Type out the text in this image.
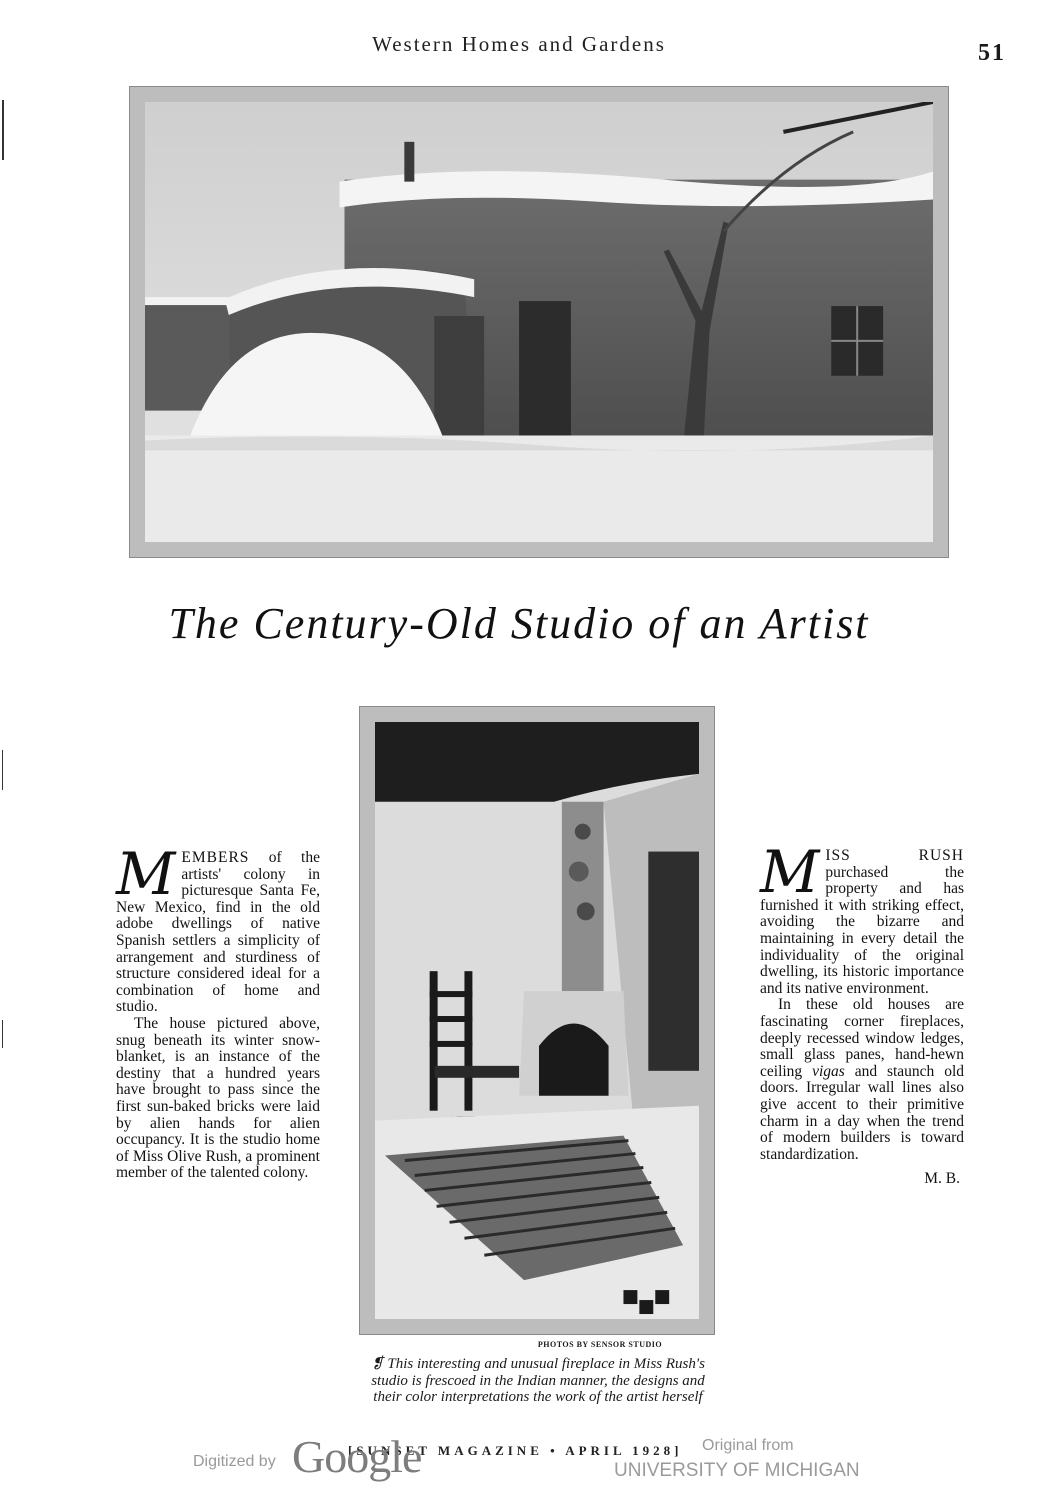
Western Homes and Gardens	51
The Century-Old Studio of an Artist

MEMBERS of the artists' colony in picturesque Santa Fe, New Mexico, find in the old adobe dwellings of native Spanish settlers a simplicity of arrangement and sturdiness of structure considered ideal for a combination of home and studio.

The house pictured above, snug beneath its winter snow-blanket, is an instance of the destiny that a hundred years have brought to pass since the first sun-baked bricks were laid by alien hands for alien occupancy. It is the studio home of Miss Olive Rush, a prominent member of the talented colony.

MISS RUSH purchased the property and has furnished it with striking effect, avoiding the bizarre and maintaining in every detail the individuality of the original dwelling, its historic importance and its native environment.

In these old houses are fascinating corner fireplaces, deeply recessed window ledges, small glass panes, hand-hewn ceiling vigas and staunch old doors. Irregular wall lines also give accent to their primitive charm in a day when the trend of modern builders is toward standardization.

M. B.
PHOTOS BY SENSOR STUDIO
❡ This interesting and unusual fireplace in Miss Rush's studio is frescoed in the Indian manner, the designs and their color interpretations the work of the artist herself
[SUNSET MAGAZINE • APRIL 1928]
Digitized by Google	Original from
UNIVERSITY OF MICHIGAN
